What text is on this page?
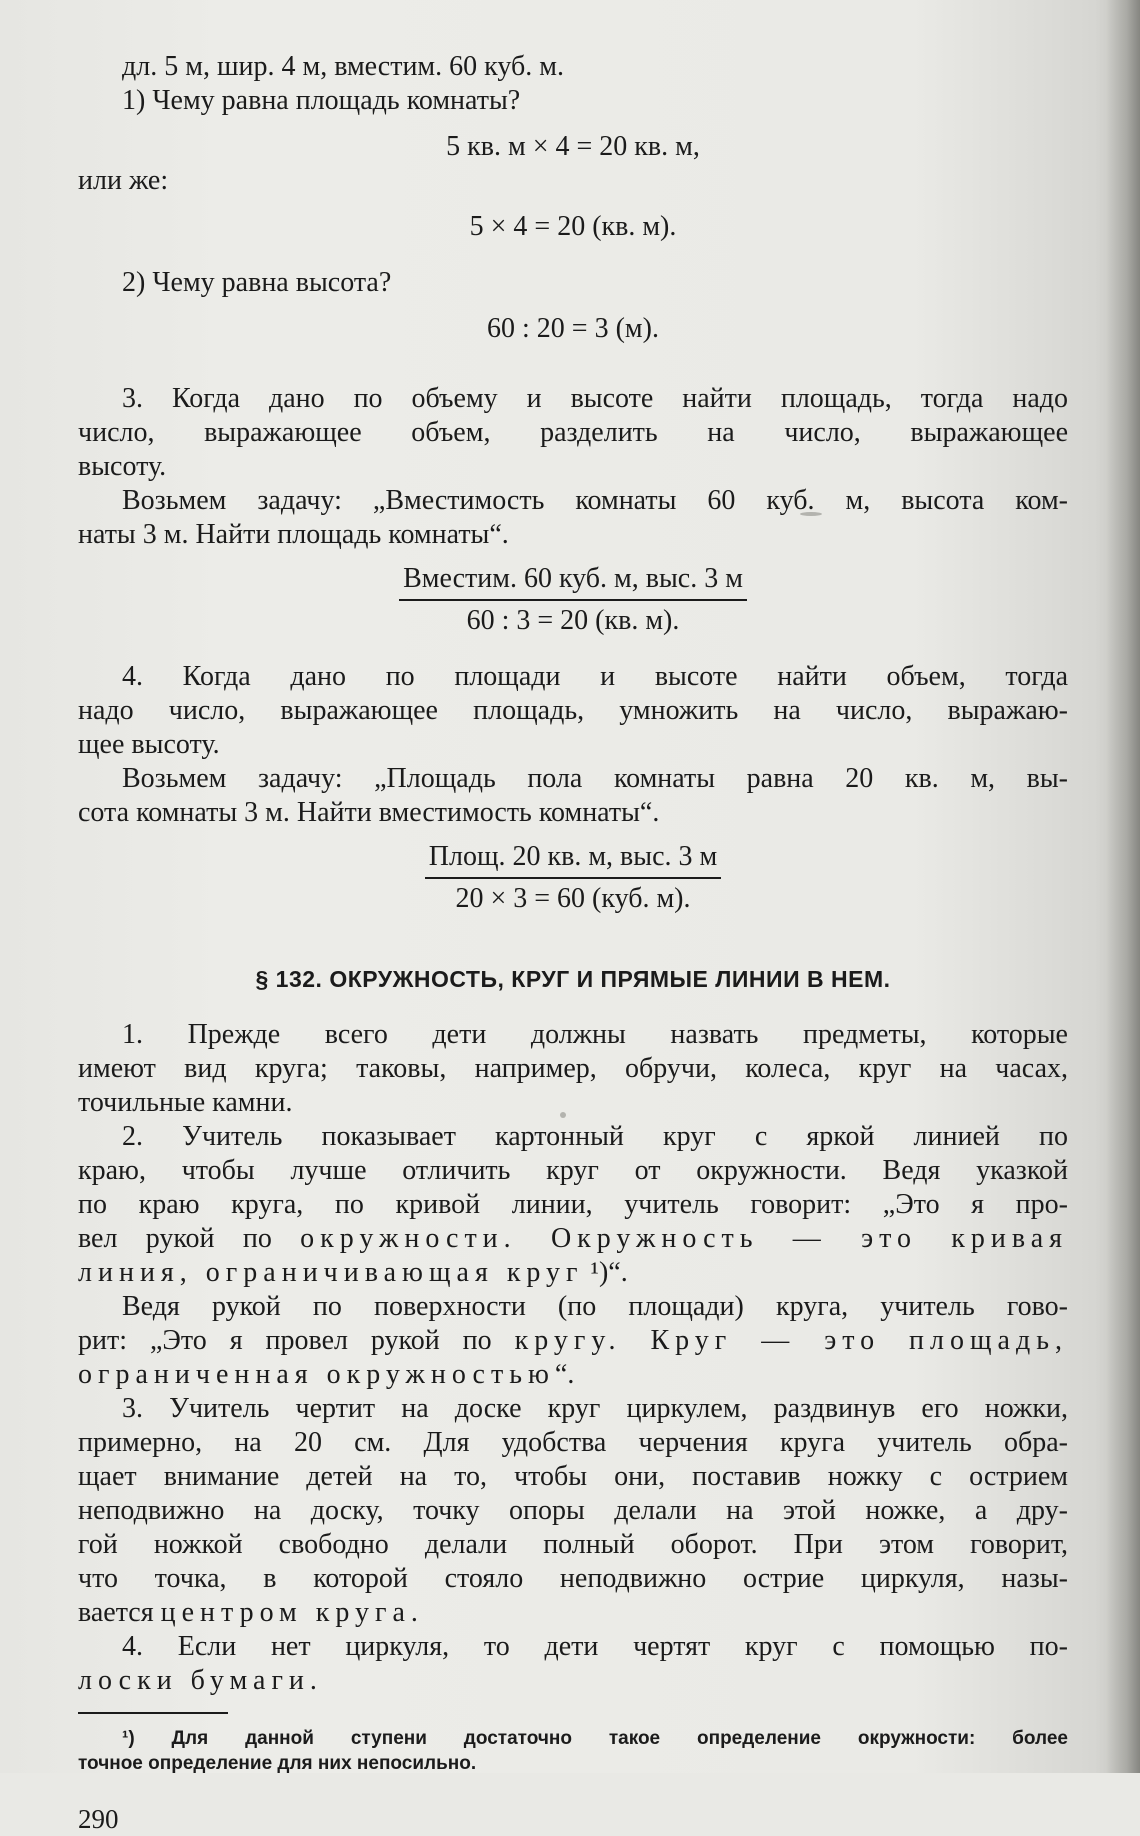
дл. 5 м, шир. 4 м, вместим. 60 куб. м.

1) Чему равна площадь комнаты?

5 кв. м × 4 = 20 кв. м,

или же:

5 × 4 = 20 (кв. м).

2) Чему равна высота?

60 : 20 = 3 (м).

3. Когда дано по объему и высоте найти площадь, тогда надо

число, выражающее объем, разделить на число, выражающее

высоту.

Возьмем задачу: „Вместимость комнаты 60 куб. м, высота ком-

наты 3 м. Найти площадь комнаты“.

Вместим. 60 куб. м, выс. 3 м
60 : 3 = 20 (кв. м).

4. Когда дано по площади и высоте найти объем, тогда

надо число, выражающее площадь, умножить на число, выражаю-

щее высоту.

Возьмем задачу: „Площадь пола комнаты равна 20 кв. м, вы-

сота комнаты 3 м. Найти вместимость комнаты“.

Площ. 20 кв. м, выс. 3 м
20 × 3 = 60 (куб. м).

§ 132. ОКРУЖНОСТЬ, КРУГ И ПРЯМЫЕ ЛИНИИ В НЕМ.

1. Прежде всего дети должны назвать предметы, которые

имеют вид круга; таковы, например, обручи, колеса, круг на часах,

точильные камни.

2. Учитель показывает картонный круг с яркой линией по

краю, чтобы лучше отличить круг от окружности. Ведя указкой

по краю круга, по кривой линии, учитель говорит: „Это я про-

вел рукой по окружности. Окружность — это кривая

линия, ограничивающая круг ¹)“.

Ведя рукой по поверхности (по площади) круга, учитель гово-

рит: „Это я провел рукой по кругу. Круг — это площадь,

ограниченная окружностью“.

3. Учитель чертит на доске круг циркулем, раздвинув его ножки,

примерно, на 20 см. Для удобства черчения круга учитель обра-

щает внимание детей на то, чтобы они, поставив ножку с острием

неподвижно на доску, точку опоры делали на этой ножке, а дру-

гой ножкой свободно делали полный оборот. При этом говорит,

что точка, в которой стояло неподвижно острие циркуля, назы-

вается центром круга.

4. Если нет циркуля, то дети чертят круг с помощью по-

лоски бумаги.

¹) Для данной ступени достаточно такое определение окружности: более

точное определение для них непосильно.

290
